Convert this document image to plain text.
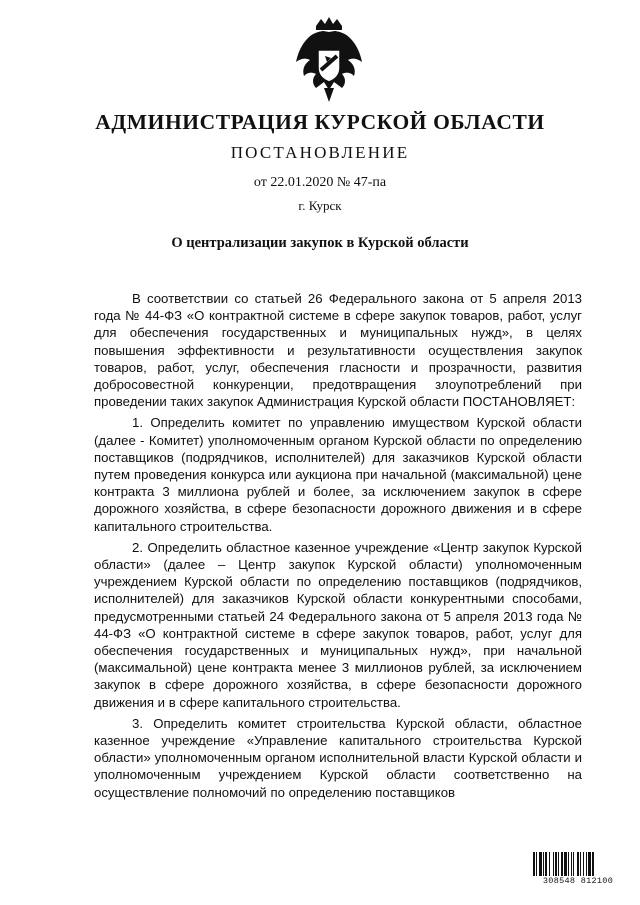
АДМИНИСТРАЦИЯ КУРСКОЙ ОБЛАСТИ
ПОСТАНОВЛЕНИЕ
от 22.01.2020 № 47-па
г. Курск
О централизации закупок в Курской области

В соответствии со статьей 26 Федерального закона от 5 апреля 2013 года № 44-ФЗ «О контрактной системе в сфере закупок товаров, работ, услуг для обеспечения государственных и муниципальных нужд», в целях повышения эффективности и результативности осуществления закупок товаров, работ, услуг, обеспечения гласности и прозрачности, развития добросовестной конкуренции, предотвращения злоупотреблений при проведении таких закупок Администрация Курской области ПОСТАНОВЛЯЕТ:

1. Определить комитет по управлению имуществом Курской области (далее - Комитет) уполномоченным органом Курской области по определению поставщиков (подрядчиков, исполнителей) для заказчиков Курской области путем проведения конкурса или аукциона при начальной (максимальной) цене контракта 3 миллиона рублей и более, за исключением закупок в сфере дорожного хозяйства, в сфере безопасности дорожного движения и в сфере капитального строительства.

2. Определить областное казенное учреждение «Центр закупок Курской области» (далее – Центр закупок Курской области) уполномоченным учреждением Курской области по определению поставщиков (подрядчиков, исполнителей) для заказчиков Курской области конкурентными способами, предусмотренными статьей 24 Федерального закона от 5 апреля 2013 года № 44-ФЗ «О контрактной системе в сфере закупок товаров, работ, услуг для обеспечения государственных и муниципальных нужд», при начальной (максимальной) цене контракта менее 3 миллионов рублей, за исключением закупок в сфере дорожного хозяйства, в сфере безопасности дорожного движения и в сфере капитального строительства.

3. Определить комитет строительства Курской области, областное казенное учреждение «Управление капитального строительства Курской области» уполномоченным органом исполнительной власти Курской области и уполномоченным учреждением Курской области соответственно на осуществление полномочий по определению поставщиков

308548 812100
